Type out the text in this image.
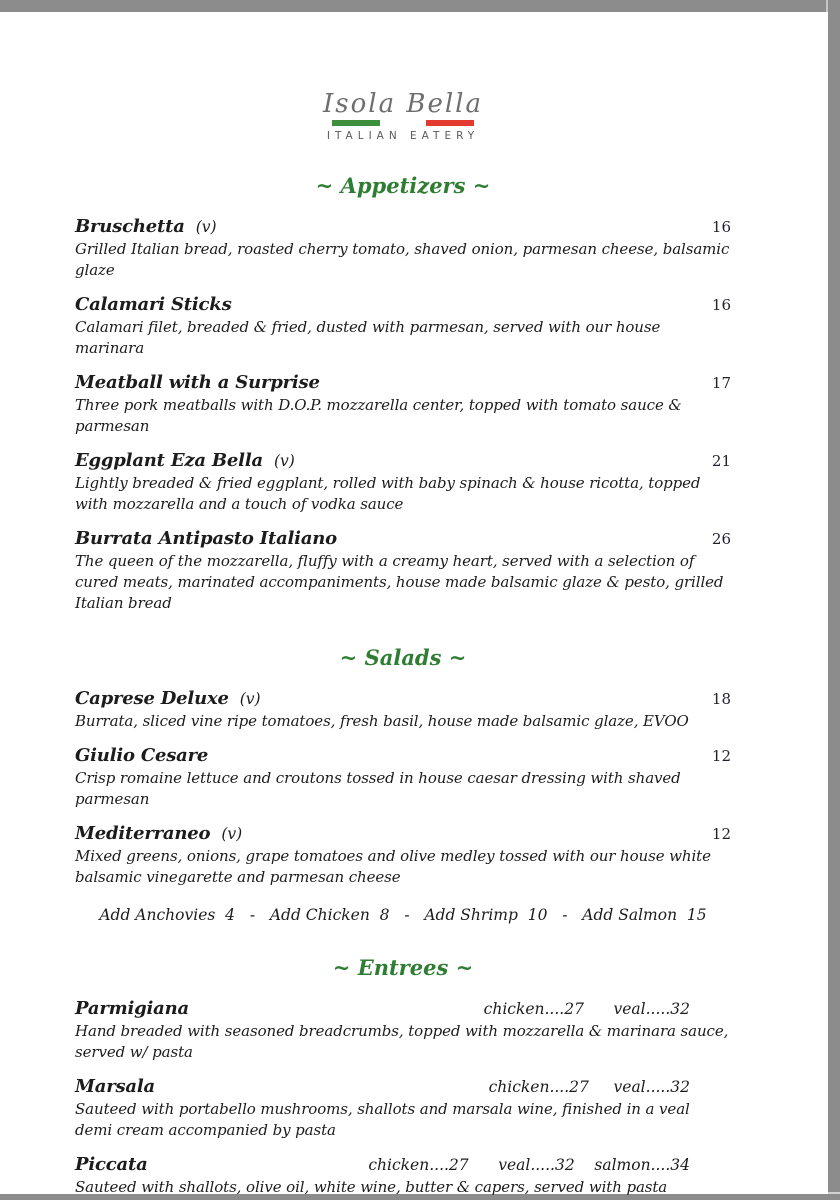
Isola Bella
ITALIAN EATERY
~ Appetizers ~
Bruschetta (v)	16
Grilled Italian bread, roasted cherry tomato, shaved onion, parmesan cheese, balsamic glaze
Calamari Sticks	16
Calamari filet, breaded & fried, dusted with parmesan, served with our house marinara
Meatball with a Surprise	17
Three pork meatballs with D.O.P. mozzarella center, topped with tomato sauce & parmesan
Eggplant Eza Bella (v)	21
Lightly breaded & fried eggplant, rolled with baby spinach & house ricotta, topped with mozzarella and a touch of vodka sauce
Burrata Antipasto Italiano	26
The queen of the mozzarella, fluffy with a creamy heart, served with a selection of cured meats, marinated accompaniments, house made balsamic glaze & pesto, grilled Italian bread
~ Salads ~
Caprese Deluxe (v)	18
Burrata, sliced vine ripe tomatoes, fresh basil, house made balsamic glaze, EVOO
Giulio Cesare	12
Crisp romaine lettuce and croutons tossed in house caesar dressing with shaved parmesan
Mediterraneo (v)	12
Mixed greens, onions, grape tomatoes and olive medley tossed with our house white balsamic vinegarette and parmesan cheese
Add Anchovies  4   -   Add Chicken  8   -   Add Shrimp  10   -   Add Salmon  15
~ Entrees ~
Parmigiana	chicken....27      veal.....32
Hand breaded with seasoned breadcrumbs, topped with mozzarella & marinara sauce, served w/ pasta
Marsala	chicken....27     veal.....32
Sauteed with portabello mushrooms, shallots and marsala wine, finished in a veal demi cream accompanied by pasta
Piccata	chicken....27      veal.....32    salmon....34
Sauteed with shallots, olive oil, white wine, butter & capers, served with pasta
